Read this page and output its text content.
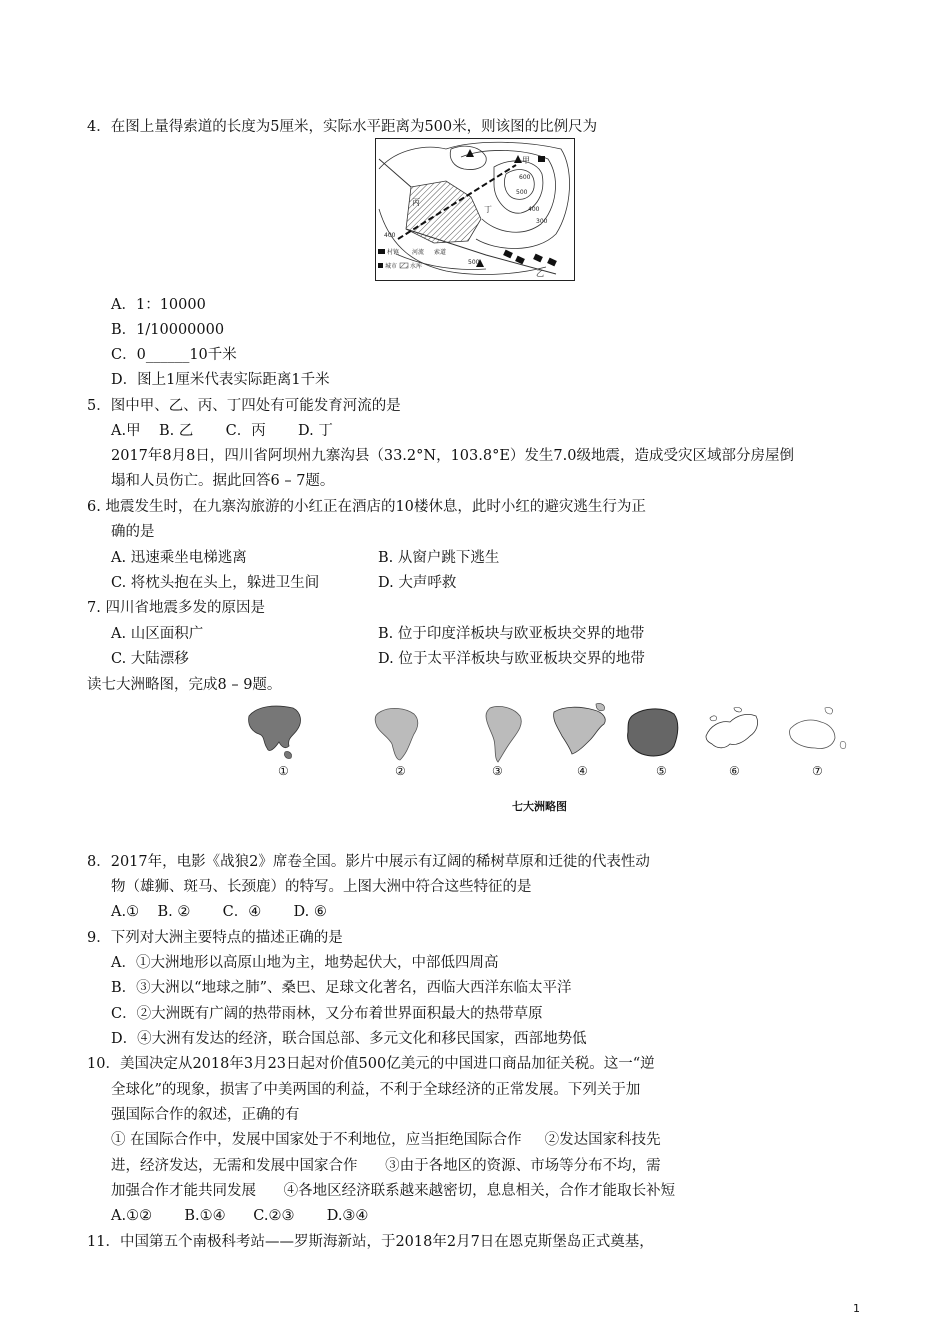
4．在图上量得索道的长度为5厘米，实际水平距离为500米，则该图的比例尺为
甲
乙
丙
丁
600
500
400
300
400
500
村镇 河流 索道
城市 水库
A．1：10000
B．1/10000000
C．0______10千米
D．图上1厘米代表实际距离1千米
5．图中甲、乙、丙、丁四处有可能发育河流的是
A.甲    B. 乙       C．丙       D. 丁
2017年8月8日，四川省阿坝州九寨沟县（33.2°N，103.8°E）发生7.0级地震，造成受灾区域部分房屋倒
塌和人员伤亡。据此回答6 – 7题。
6. 地震发生时，在九寨沟旅游的小红正在酒店的10楼休息，此时小红的避灾逃生行为正
确的是
A. 迅速乘坐电梯逃离	B. 从窗户跳下逃生
C. 将枕头抱在头上，躲进卫生间	D. 大声呼救
7. 四川省地震多发的原因是
A. 山区面积广	B. 位于印度洋板块与欧亚板块交界的地带
C. 大陆漂移	D. 位于太平洋板块与欧亚板块交界的地带
读七大洲略图，完成8 – 9题。
①	②	③	④	⑤	⑥	⑦
七大洲略图
8．2017年，电影《战狼2》席卷全国。影片中展示有辽阔的稀树草原和迁徙的代表性动
物（雄狮、斑马、长颈鹿）的特写。上图大洲中符合这些特征的是
A.①    B. ②       C．④       D. ⑥
9．下列对大洲主要特点的描述正确的是
A．①大洲地形以高原山地为主，地势起伏大，中部低四周高
B．③大洲以“地球之肺”、桑巴、足球文化著名，西临大西洋东临太平洋
C．②大洲既有广阔的热带雨林，又分布着世界面积最大的热带草原
D．④大洲有发达的经济，联合国总部、多元文化和移民国家，西部地势低
10．美国决定从2018年3月23日起对价值500亿美元的中国进口商品加征关税。这一“逆
全球化”的现象，损害了中美两国的利益，不利于全球经济的正常发展。下列关于加
强国际合作的叙述，正确的有
① 在国际合作中，发展中国家处于不利地位，应当拒绝国际合作     ②发达国家科技先
进，经济发达，无需和发展中国家合作      ③由于各地区的资源、市场等分布不均，需
加强合作才能共同发展      ④各地区经济联系越来越密切，息息相关，合作才能取长补短
A.①②       B.①④      C.②③       D.③④
11．中国第五个南极科考站——罗斯海新站，于2018年2月7日在恩克斯堡岛正式奠基，
1
